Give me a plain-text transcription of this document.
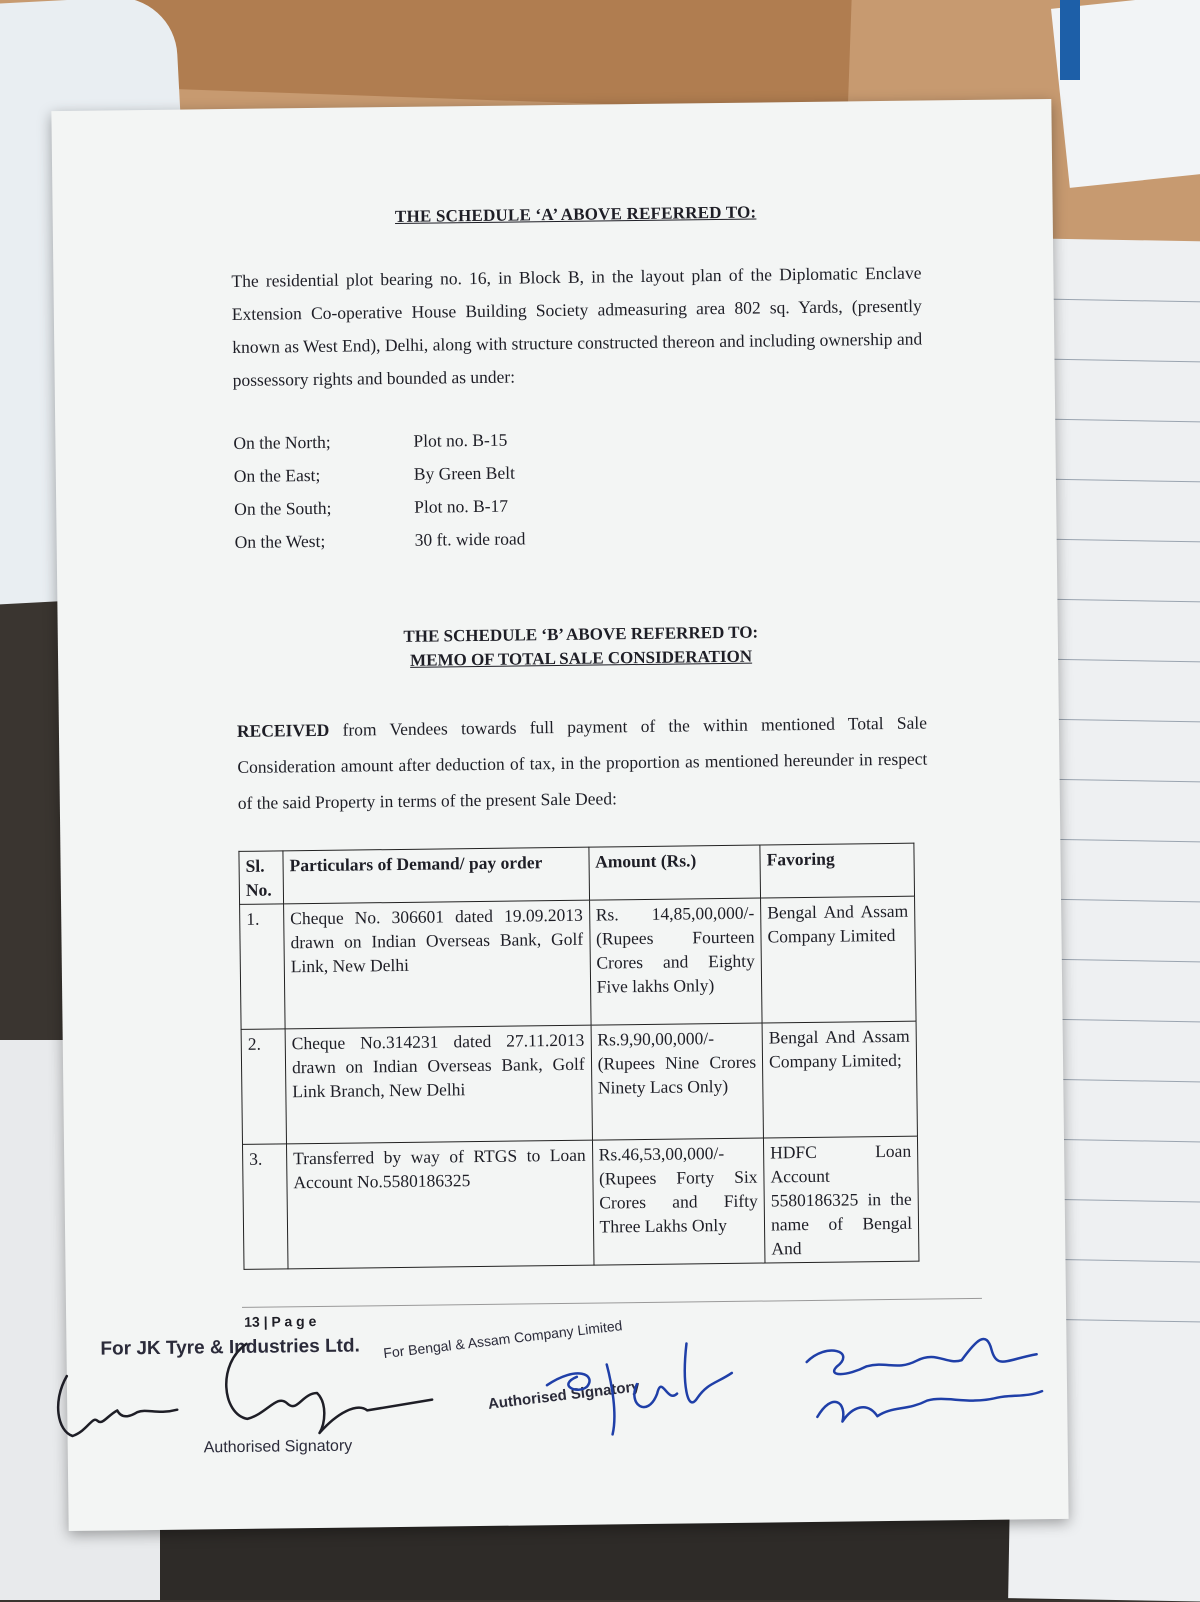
THE SCHEDULE ‘A’ ABOVE REFERRED TO:
The residential plot bearing no. 16, in Block B, in the layout plan of the Diplomatic Enclave Extension Co-operative House Building Society admeasuring area 802 sq. Yards, (presently known as West End), Delhi, along with structure constructed thereon and including ownership and possessory rights and bounded as under:
On the North;	Plot no. B-15
On the East;	By Green Belt
On the South;	Plot no. B-17
On the West;	30 ft. wide road
THE SCHEDULE ‘B’ ABOVE REFERRED TO:
MEMO OF TOTAL SALE CONSIDERATION
RECEIVED from Vendees towards full payment of the within mentioned Total Sale Consideration amount after deduction of tax, in the proportion as mentioned hereunder in respect of the said Property in terms of the present Sale Deed:
Sl. No.	Particulars of Demand/ pay order	Amount (Rs.)	Favoring
1.	Cheque No. 306601 dated 19.09.2013 drawn on Indian Overseas Bank, Golf Link, New Delhi	Rs. 14,85,00,000/- (Rupees Fourteen Crores and Eighty Five lakhs Only)	Bengal And Assam Company Limited
2.	Cheque No.314231 dated 27.11.2013 drawn on Indian Overseas Bank, Golf Link Branch, New Delhi	Rs.9,90,00,000/- (Rupees Nine Crores Ninety Lacs Only)	Bengal And Assam Company Limited;
3.	Transferred by way of RTGS to Loan Account No.5580186325	Rs.46,53,00,000/- (Rupees Forty Six Crores and Fifty Three Lakhs Only	HDFC Loan Account 5580186325 in the name of Bengal And
13 | P a g e
For JK Tyre & Industries Ltd.
Authorised Signatory
For Bengal & Assam Company Limited
Authorised Signatory
